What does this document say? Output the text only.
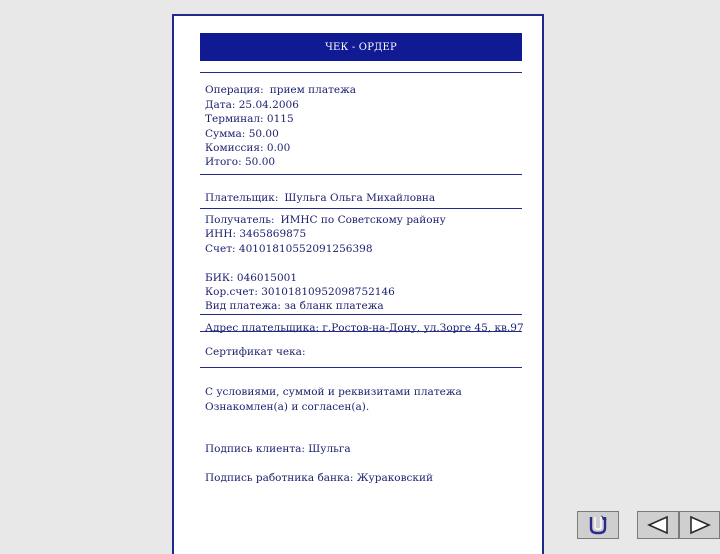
ЧЕК - ОРДЕР
Операция: прием платежа
Дата: 25.04.2006
Терминал: 0115
Сумма: 50.00
Комиссия: 0.00
Итого: 50.00
Плательщик: Шульга Ольга Михайловна
Получатель: ИМНС по Советскому району
ИНН: 3465869875
Счет: 40101810552091256398
БИК: 046015001
Кор.счет: 30101810952098752146
Вид платежа: за бланк платежа
Адрес плательщика: г.Ростов-на-Дону, ул.Зорге 45, кв.97
Сертификат чека:
С условиями, суммой и реквизитами платежа
Ознакомлен(а) и согласен(а).
Подпись клиента: Шульга
Подпись работника банка: Жураковский
